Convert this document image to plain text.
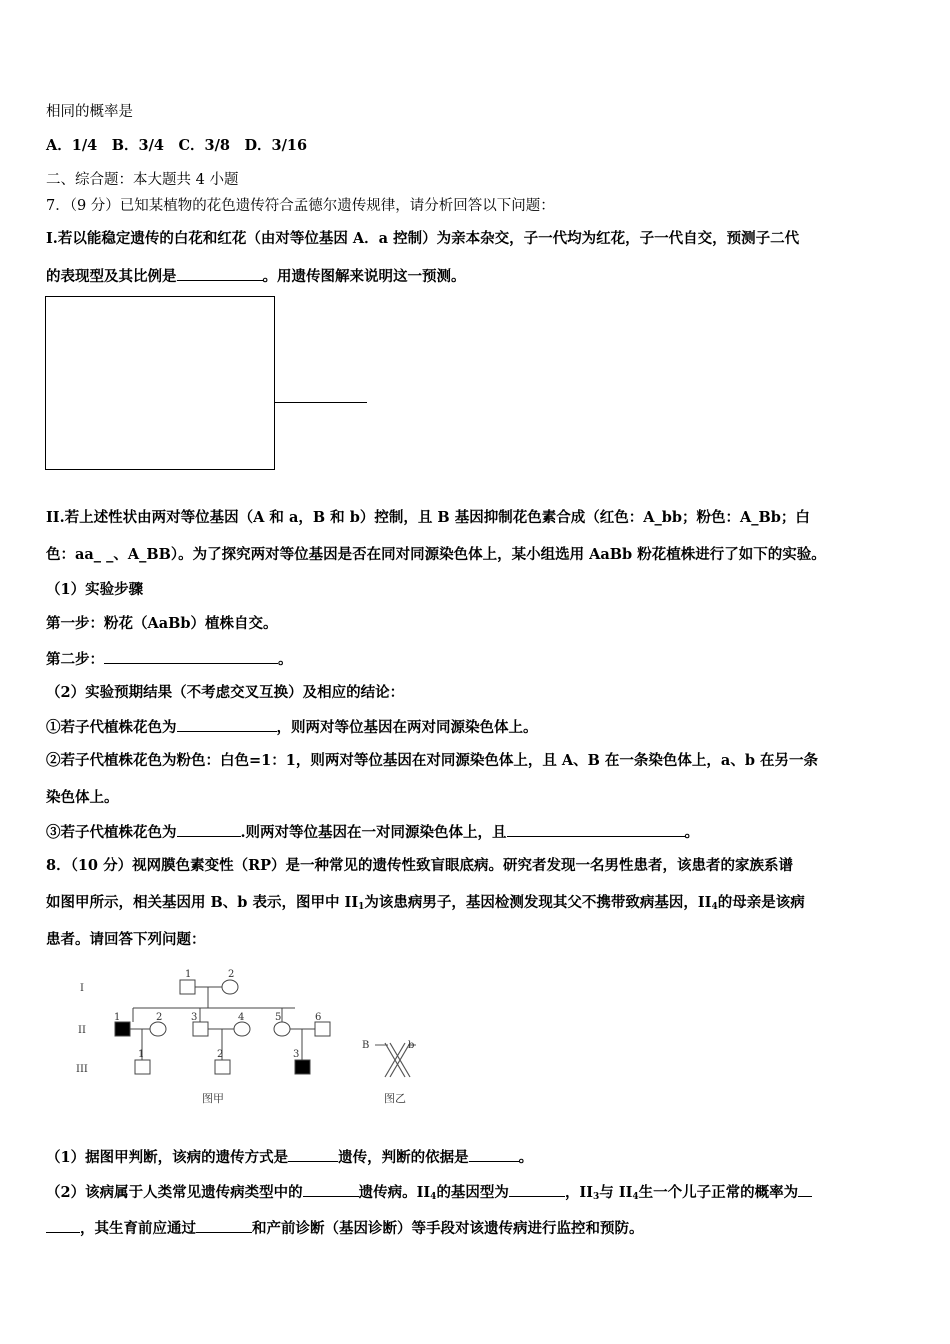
相同的概率是
A．1/4　B．3/4　C．3/8　D．3/16
二、综合题：本大题共 4 小题
7．（9 分）已知某植物的花色遗传符合孟德尔遗传规律，请分析回答以下问题：
I.若以能稳定遗传的白花和红花（由对等位基因 A．a 控制）为亲本杂交，子一代均为红花，子一代自交，预测子二代
的表现型及其比例是	。用遗传图解来说明这一预测。
II.若上述性状由两对等位基因（A 和 a，B 和 b）控制，且 B 基因抑制花色素合成（红色：A_bb；粉色：A_Bb；白
色：aa_ _、A_BB）。为了探究两对等位基因是否在同对同源染色体上，某小组选用 AaBb 粉花植株进行了如下的实验。
（1）实验步骤
第一步：粉花（AaBb）植株自交。
第二步：	。
（2）实验预期结果（不考虑交叉互换）及相应的结论：
①若子代植株花色为	，则两对等位基因在两对同源染色体上。
②若子代植株花色为粉色：白色=1：1，则两对等位基因在对同源染色体上，且 A、B 在一条染色体上，a、b 在另一条
染色体上。
③若子代植株花色为	.则两对等位基因在一对同源染色体上，且	。
8．（10 分）视网膜色素变性（RP）是一种常见的遗传性致盲眼底病。研究者发现一名男性患者，该患者的家族系谱
如图甲所示，相关基因用 B、b 表示，图甲中 $II_1$为该患病男子，基因检测发现其父不携带致病基因，$II_4$的母亲是该病
患者。请回答下列问题：
I
II
III
1	2
1	2	3	4	5	6
1	2	3
B	b
图甲	图乙
（1）据图甲判断，该病的遗传方式是	遗传，判断的依据是	。
（2）该病属于人类常见遗传病类型中的	遗传病。$II_4$的基因型为	，$II_3$与 $II_4$生一个儿子正常的概率为
，其生育前应通过	和产前诊断（基因诊断）等手段对该遗传病进行监控和预防。
